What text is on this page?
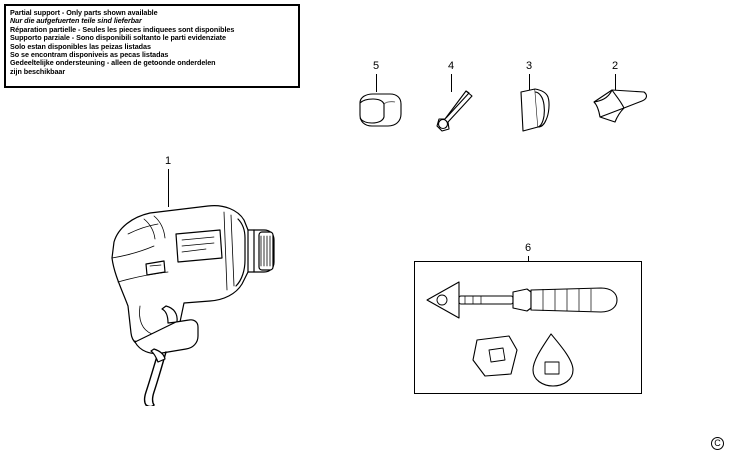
Partial support - Only parts shown available
Nur die aufgefuerten teile sind lieferbar
Réparation partielle - Seules les pieces indiquees sont disponibles
Supporto parziale - Sono disponibili soltanto le parti evidenziate
Solo estan disponibles las peizas listadas
So se encontram disponiveis as pecas listadas
Gedeeltelijke ondersteuning - alleen de getoonde onderdelen
zijn beschikbaar	5	4	3	2
1
6
C
